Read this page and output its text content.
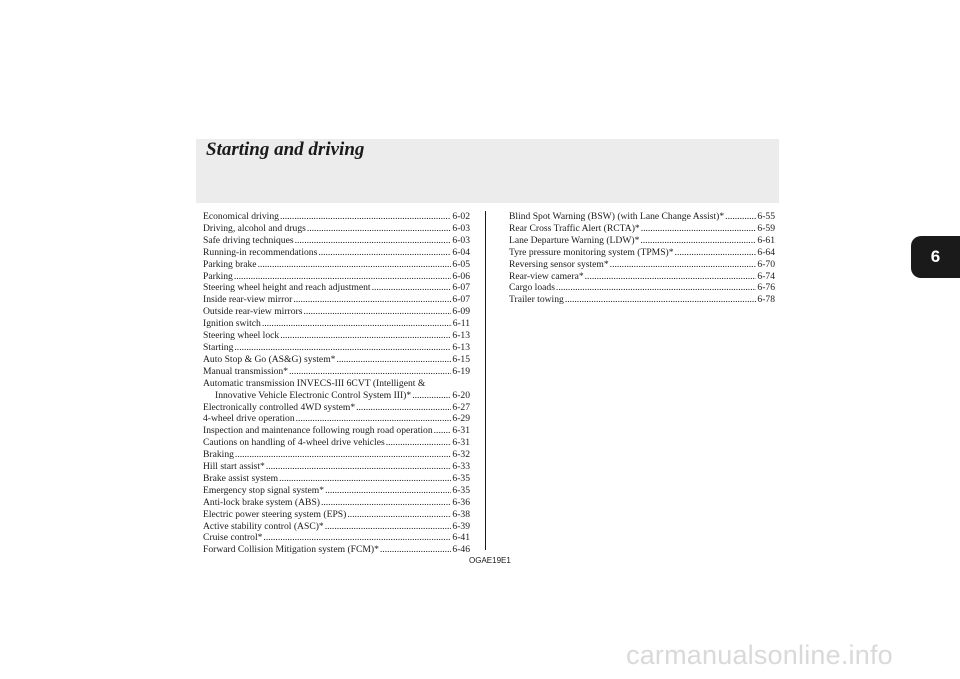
Starting and driving
6
Economical driving .....	6-02
Driving, alcohol and drugs .....	6-03
Safe driving techniques .....	6-03
Running-in recommendations .....	6-04
Parking brake .....	6-05
Parking .....	6-06
Steering wheel height and reach adjustment .....	6-07
Inside rear-view mirror .....	6-07
Outside rear-view mirrors .....	6-09
Ignition switch .....	6-11
Steering wheel lock .....	6-13
Starting .....	6-13
Auto Stop & Go (AS&G) system* .....	6-15
Manual transmission* .....	6-19
Automatic transmission INVECS-III 6CVT (Intelligent &
Innovative Vehicle Electronic Control System III)* .....	6-20
Electronically controlled 4WD system* .....	6-27
4-wheel drive operation .....	6-29
Inspection and maintenance following rough road operation ..... 6-31
Cautions on handling of 4-wheel drive vehicles .....	6-31
Braking .....	6-32
Hill start assist* .....	6-33
Brake assist system .....	6-35
Emergency stop signal system* .....	6-35
Anti-lock brake system (ABS) .....	6-36
Electric power steering system (EPS) .....	6-38
Active stability control (ASC)* .....	6-39
Cruise control* .....	6-41
Forward Collision Mitigation system (FCM)* .....	6-46
Blind Spot Warning (BSW) (with Lane Change Assist)* .....	6-55
Rear Cross Traffic Alert (RCTA)* .....	6-59
Lane Departure Warning (LDW)* .....	6-61
Tyre pressure monitoring system (TPMS)* .....	6-64
Reversing sensor system* .....	6-70
Rear-view camera* .....	6-74
Cargo loads .....	6-76
Trailer towing .....	6-78
OGAE19E1
carmanualsonline.info
